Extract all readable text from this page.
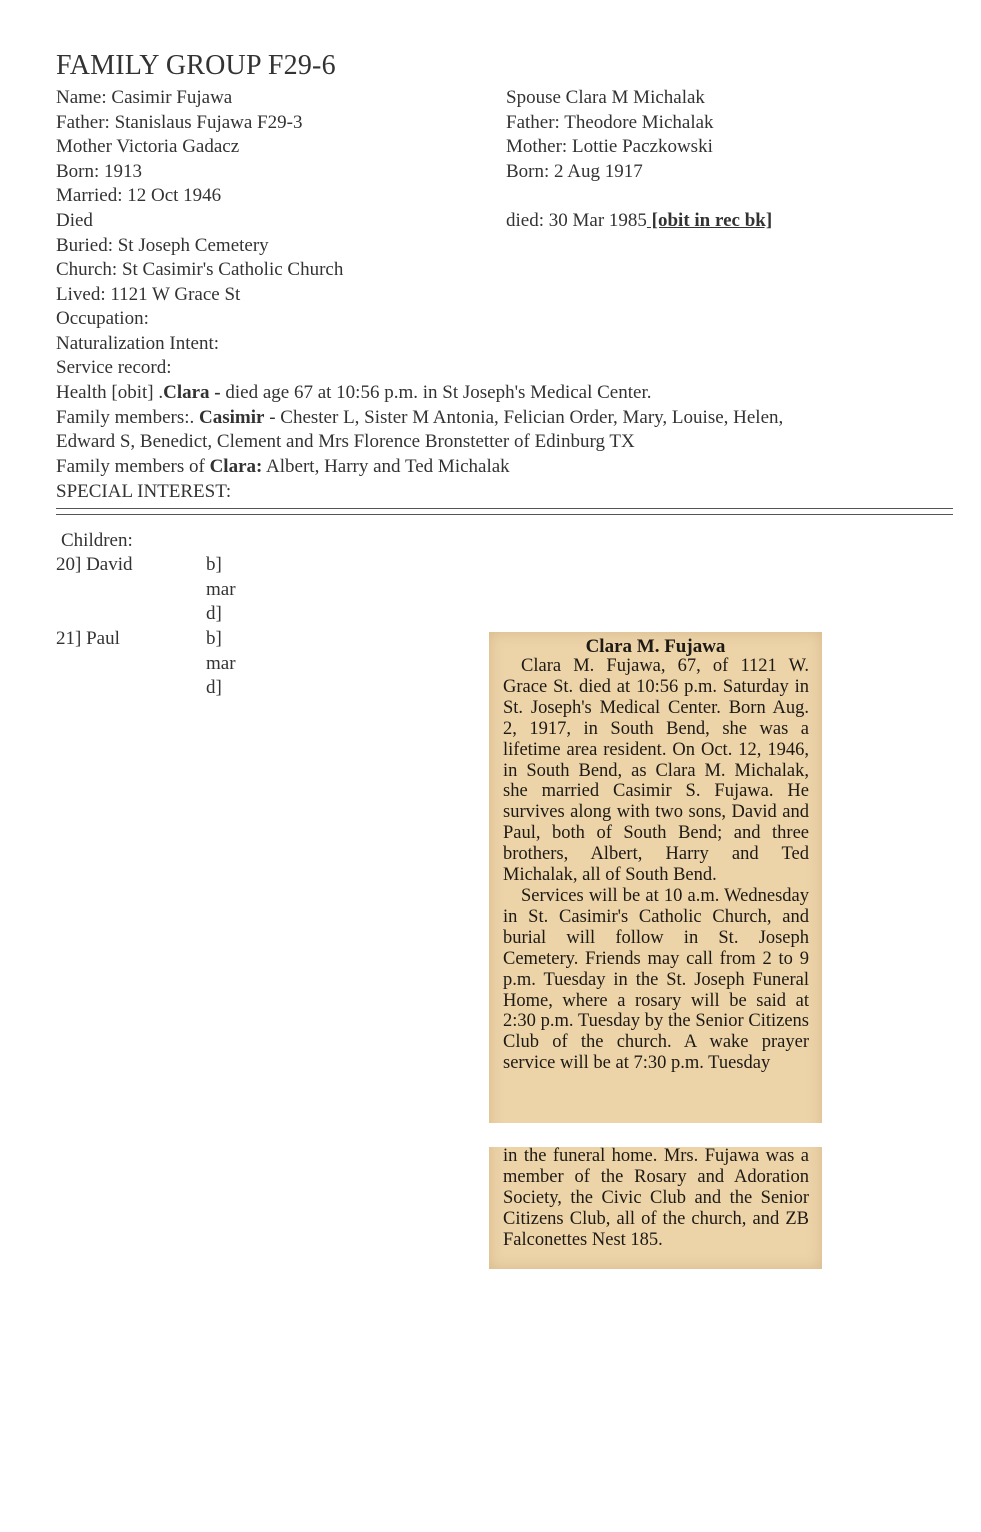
FAMILY GROUP F29-6
Name: Casimir Fujawa
Father: Stanislaus Fujawa F29-3
Mother Victoria Gadacz
Born: 1913
Married: 12 Oct 1946
Died
Buried: St Joseph Cemetery
Church: St Casimir's Catholic Church
Lived: 1121 W Grace St
Occupation:
Naturalization Intent:
Service record:
Spouse Clara M Michalak
Father: Theodore Michalak
Mother: Lottie Paczkowski
Born: 2 Aug 1917
died: 30 Mar 1985 [obit in rec bk]
Health [obit] .Clara - died age 67 at 10:56 p.m. in St Joseph's Medical Center.
Family members:. Casimir - Chester L, Sister M Antonia, Felician Order, Mary, Louise, Helen,
Edward S, Benedict, Clement and Mrs Florence Bronstetter of Edinburg TX
Family members of Clara: Albert, Harry and Ted Michalak
SPECIAL INTEREST:
Children:
20] David	b]
mar
d]
21] Paul	b]
mar
d]
Clara M. Fujawa

Clara M. Fujawa, 67, of 1121 W. Grace St. died at 10:56 p.m. Saturday in St. Joseph's Medical Center. Born Aug. 2, 1917, in South Bend, she was a lifetime area resident. On Oct. 12, 1946, in South Bend, as Clara M. Michalak, she married Casimir S. Fujawa. He survives along with two sons, David and Paul, both of South Bend; and three brothers, Albert, Harry and Ted Michalak, all of South Bend.

Services will be at 10 a.m. Wednesday in St. Casimir's Catholic Church, and burial will follow in St. Joseph Cemetery. Friends may call from 2 to 9 p.m. Tuesday in the St. Joseph Funeral Home, where a rosary will be said at 2:30 p.m. Tuesday by the Senior Citizens Club of the church. A wake prayer service will be at 7:30 p.m. Tuesday

in the funeral home. Mrs. Fujawa was a member of the Rosary and Adoration Society, the Civic Club and the Senior Citizens Club, all of the church, and ZB Falconettes Nest 185.
